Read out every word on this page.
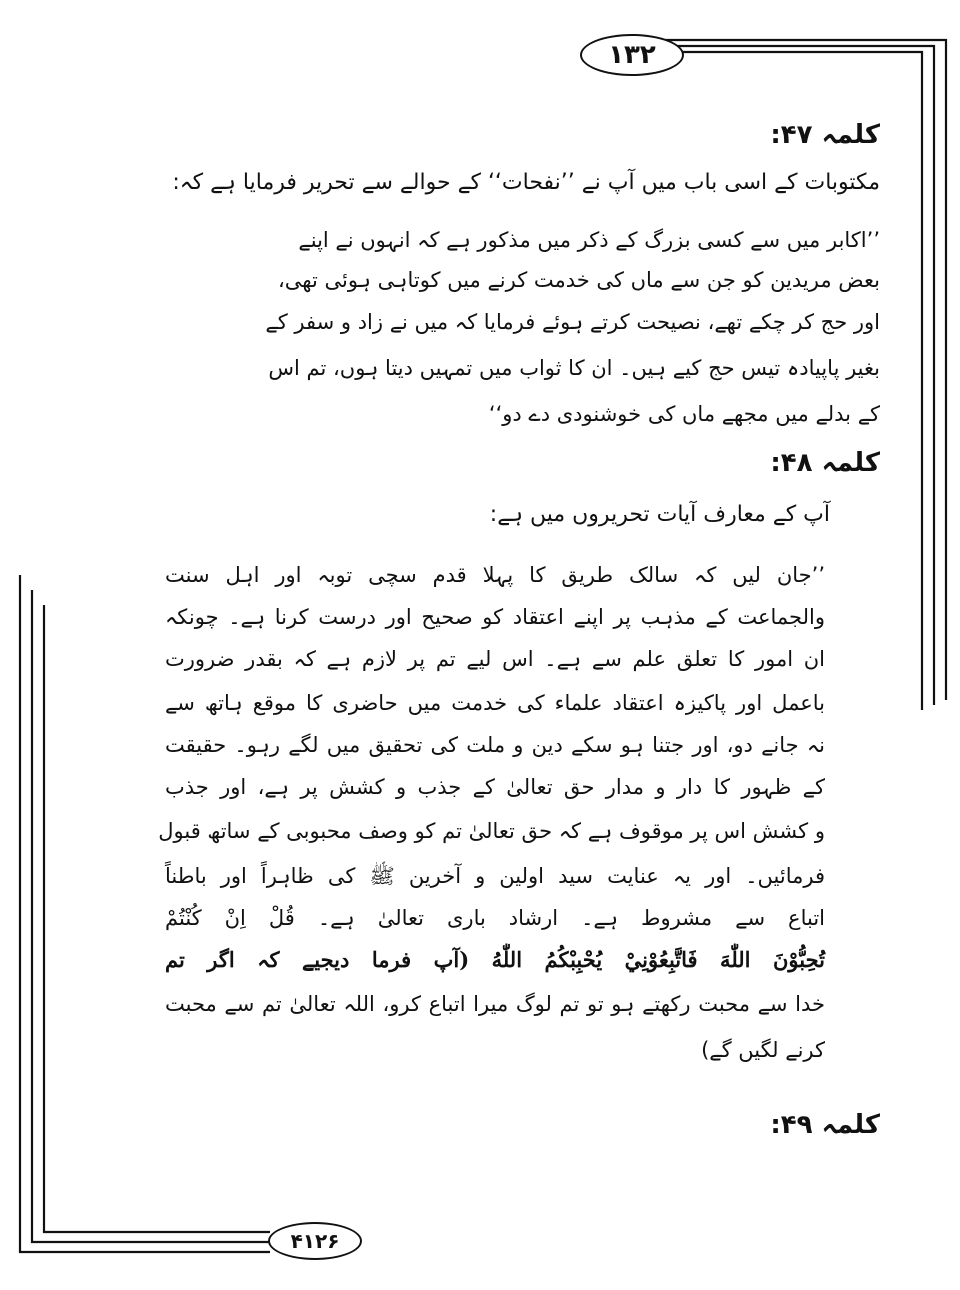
۱۳۲
۴۱۲۶
کلمہ ۴۷:
مکتوبات کے اسی باب میں آپ نے ’’نفحات‘‘ کے حوالے سے تحریر فرمایا ہے کہ:
’’اکابر میں سے کسی بزرگ کے ذکر میں مذکور ہے کہ انہوں نے اپنے
بعض مریدین کو جن سے ماں کی خدمت کرنے میں کوتاہی ہوئی تھی،
اور حج کر چکے تھے، نصیحت کرتے ہوئے فرمایا کہ میں نے زاد و سفر کے
بغیر پاپیادہ تیس حج کیے ہیں۔ ان کا ثواب میں تمہیں دیتا ہوں، تم اس
کے بدلے میں مجھے ماں کی خوشنودی دے دو‘‘
کلمہ ۴۸:
آپ کے معارف آیات تحریروں میں ہے:
’’جان لیں کہ سالک طریق کا پہلا قدم سچی توبہ اور اہل سنت
والجماعت کے مذہب پر اپنے اعتقاد کو صحیح اور درست کرنا ہے۔ چونکہ
ان امور کا تعلق علم سے ہے۔ اس لیے تم پر لازم ہے کہ بقدر ضرورت
باعمل اور پاکیزہ اعتقاد علماء کی خدمت میں حاضری کا موقع ہاتھ سے
نہ جانے دو، اور جتنا ہو سکے دین و ملت کی تحقیق میں لگے رہو۔ حقیقت
کے ظہور کا دار و مدار حق تعالیٰ کے جذب و کشش پر ہے، اور جذب
و کشش اس پر موقوف ہے کہ حق تعالیٰ تم کو وصف محبوبی کے ساتھ قبول
فرمائیں۔ اور یہ عنایت سید اولین و آخرین ﷺ کی ظاہراً اور باطناً
اتباع سے مشروط ہے۔ ارشاد باری تعالیٰ ہے۔ قُلْ اِنْ كُنْتُمْ
تُحِبُّوْنَ اللّٰهَ فَاتَّبِعُوْنِيْ يُحْبِبْكُمُ اللّٰهُ (آپ فرما دیجیے کہ اگر تم
خدا سے محبت رکھتے ہو تو تم لوگ میرا اتباع کرو، اللہ تعالیٰ تم سے محبت
کرنے لگیں گے)
کلمہ ۴۹:
